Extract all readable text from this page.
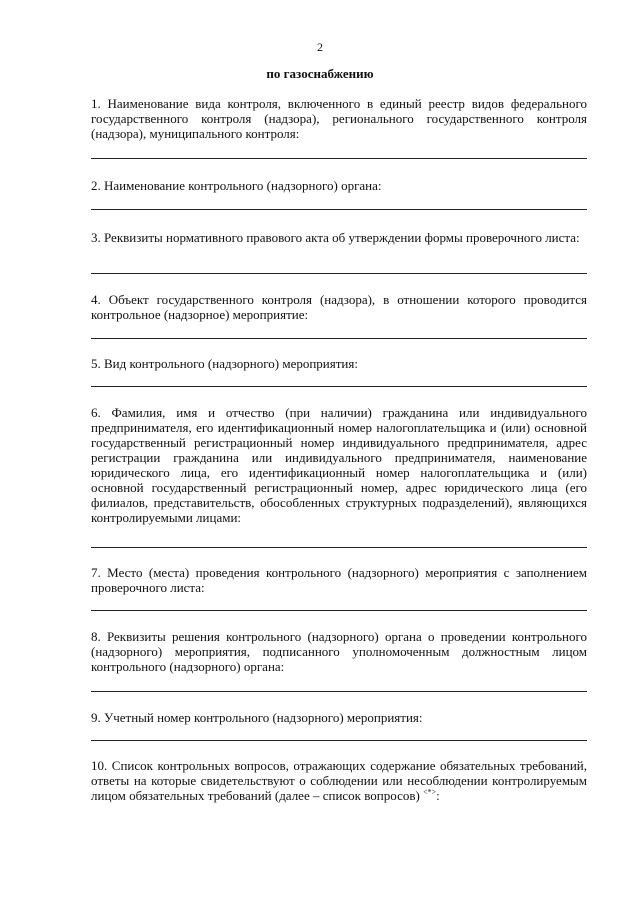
2
по газоснабжению

1. Наименование вида контроля, включенного в единый реестр видов федерального государственного контроля (надзора), регионального государственного контроля (надзора), муниципального контроля:

2. Наименование контрольного (надзорного) органа:

3. Реквизиты нормативного правового акта об утверждении формы проверочного листа:

4. Объект государственного контроля (надзора), в отношении которого проводится контрольное (надзорное) мероприятие:

5. Вид контрольного (надзорного) мероприятия:

6. Фамилия, имя и отчество (при наличии) гражданина или индивидуального предпринимателя, его идентификационный номер налогоплательщика и (или) основной государственный регистрационный номер индивидуального предпринимателя, адрес регистрации гражданина или индивидуального предпринимателя, наименование юридического лица, его идентификационный номер налогоплательщика и (или) основной государственный регистрационный номер, адрес юридического лица (его филиалов, представительств, обособленных структурных подразделений), являющихся контролируемыми лицами:

7. Место (места) проведения контрольного (надзорного) мероприятия с заполнением проверочного листа:

8. Реквизиты решения контрольного (надзорного) органа о проведении контрольного (надзорного) мероприятия, подписанного уполномоченным должностным лицом контрольного (надзорного) органа:

9. Учетный номер контрольного (надзорного) мероприятия:

10. Список контрольных вопросов, отражающих содержание обязательных требований, ответы на которые свидетельствуют о соблюдении или несоблюдении контролируемым лицом обязательных требований (далее – список вопросов) <*>:
